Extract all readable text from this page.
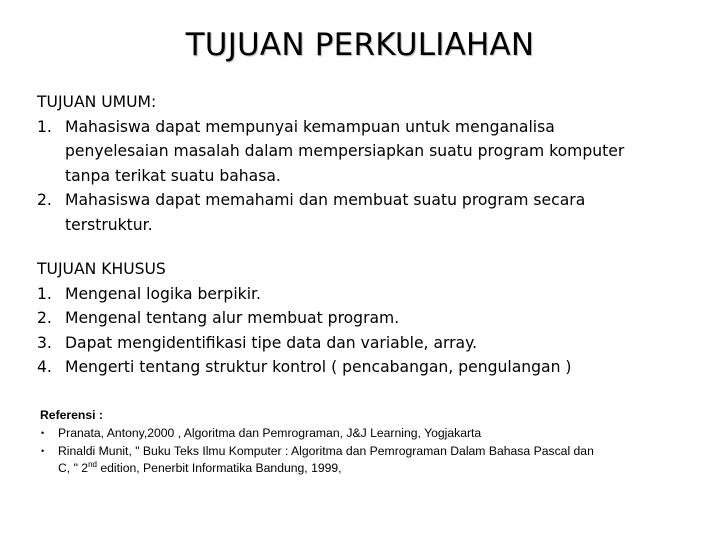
TUJUAN PERKULIAHAN
TUJUAN UMUM:
1. Mahasiswa dapat mempunyai kemampuan untuk menganalisa
penyelesaian masalah dalam mempersiapkan suatu program komputer
tanpa terikat suatu bahasa.
2. Mahasiswa dapat memahami dan membuat suatu program secara
terstruktur.
TUJUAN KHUSUS
1. Mengenal logika berpikir.
2. Mengenal tentang alur membuat program.
3. Dapat mengidentifikasi tipe data dan variable, array.
4. Mengerti tentang struktur kontrol ( pencabangan, pengulangan )
Referensi :
• Pranata, Antony,2000 , Algoritma dan Pemrograman, J&J Learning, Yogjakarta
• Rinaldi Munit, " Buku Teks Ilmu Komputer : Algoritma dan Pemrograman Dalam Bahasa Pascal dan
C, " 2nd edition, Penerbit Informatika Bandung, 1999,
